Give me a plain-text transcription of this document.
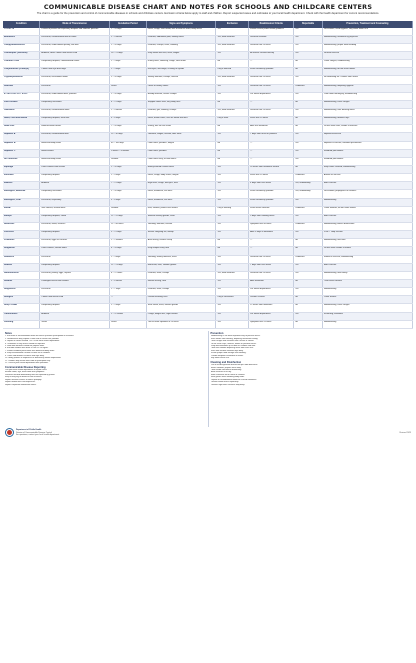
COMMUNICABLE DISEASE CHART AND NOTES FOR SCHOOLS AND CHILDCARE CENTERS
The chart is a guide for the prevention and control of communicable diseases in schools and childcare centers. Exclusion criteria below apply to staff and children. Report suspected cases and outbreaks to your local health department. Check with the health department for current recommendations.
Condition	Mode of Transmission	Incubation Period	Signs and Symptoms	Exclusion	Readmission Criteria	Reportable	Prevention, Treatment and Counseling
COVID-19	Person to person via respiratory droplets and airborne particles	2 – 14 days	Fever, cough, sore throat, loss of taste or smell, body aches	Yes	Follow current public health guidance	Yes	Vaccination, hand hygiene, stay home when sick
Amebiasis	Fecal-oral; contaminated food or water	2 – 4 weeks	Diarrhea, abdominal pain, bloody stools	Yes, while diarrhea	Diarrhea resolved	Yes	Handwashing; treatment by physician
Campylobacteriosis	Fecal-oral; undercooked poultry, raw milk	1 – 10 days	Diarrhea, cramps, fever, vomiting	Yes, while diarrhea	Diarrhea free 24 hours	Yes	Handwashing; proper food handling
Chickenpox (Varicella)	Airborne; direct contact with blister fluid	10 – 21 days	Itchy blister-like rash, fever, fatigue	Yes	All lesions crusted and dry	Yes	Varicella vaccine
Common Cold	Respiratory droplets; contaminated hands	1 – 3 days	Runny nose, sneezing, cough, sore throat	No	—	No	Cover coughs; handwashing
Conjunctivitis (Pinkeye)	Contact with eye discharge	1 – 3 days	Red eyes, discharge, crusting of eyelids	Only if directed	When cleared by provider	No	Handwashing; do not share towels
Cryptosporidiosis	Fecal-oral; recreational water	2 – 10 days	Watery diarrhea, cramps, nausea	Yes, while diarrhea	Diarrhea free 24 hours	Yes	No swimming for 2 weeks after illness
Diarrhea	Fecal-oral	Varies	Loose or watery stools	Yes	Diarrhea free 24 hours	Outbreaks	Handwashing; diapering hygiene
E. coli O157:H7 / STEC	Fecal-oral; undercooked beef, produce	1 – 10 days	Bloody diarrhea, severe cramps	Yes	Per health department	Yes	Cook meat thoroughly; handwashing
Fifth Disease	Respiratory secretions	4 – 21 days	Slapped cheek rash, lacy body rash	No	—	No	Handwashing; cover coughs
Giardiasis	Fecal-oral; contaminated water	1 – 4 weeks	Diarrhea, gas, bloating, cramps	Yes, while diarrhea	Diarrhea free 24 hours	Yes	Handwashing; safe drinking water
Hand, Foot and Mouth	Respiratory droplets; fecal-oral	3 – 6 days	Fever, mouth sores, rash on hands and feet	Only if fever	Fever free 24 hours	No	Handwashing; disinfect toys
Head Lice	Head-to-head contact	7 – 10 days	Itching, nits on hair shafts	No	After first treatment	No	Do not share hats, combs or brushes
Hepatitis A	Fecal-oral; contaminated food	15 – 50 days	Jaundice, fatigue, nausea, dark urine	Yes	7 days after onset of jaundice	Yes	Hepatitis A vaccine
Hepatitis B	Blood and body fluids	45 – 160 days	Often none; jaundice, fatigue	No	—	Yes	Hepatitis B vaccine; standard precautions
Hepatitis C	Blood contact	2 weeks – 6 months	Often none; jaundice	No	—	Yes	Standard precautions
HIV Infection	Blood and body fluids	Variable	Often none early; flu-like illness	No	—	Yes	Standard precautions
Impetigo	Direct contact with lesions	1 – 10 days	Honey-colored crusted sores	Yes	24 hours after treatment started	No	Keep sores covered; handwashing
Influenza	Respiratory droplets	1 – 4 days	Fever, cough, body aches, fatigue	Yes	Fever free 24 hours	Outbreaks	Annual flu vaccine
Measles	Airborne	7 – 21 days	High fever, cough, red eyes, rash	Yes	4 days after rash onset	Yes, immediately	MMR vaccine
Meningitis, Bacterial	Respiratory secretions	2 – 10 days	Fever, headache, stiff neck	Yes	When cleared by provider	Yes, immediately	Vaccination; prophylaxis of contacts
Meningitis, Viral	Fecal-oral; respiratory	3 – 6 days	Fever, headache, stiff neck	Yes	When cleared by provider	Yes	Handwashing
MRSA	Skin contact; shared items	Variable	Red, swollen, painful skin lesions	Only if draining	When lesion covered	Outbreaks	Cover wounds; do not share towels
Mumps	Respiratory droplets; saliva	12 – 25 days	Swollen salivary glands, fever	Yes	5 days after swelling onset	Yes	MMR vaccine
Norovirus	Fecal-oral; vomit; surfaces	12 – 48 hours	Vomiting, diarrhea, nausea	Yes	Symptom free 48 hours	Outbreaks	Handwashing; bleach disinfection
Pertussis	Respiratory droplets	5 – 21 days	Severe coughing fits, whoop	Yes	After 5 days of antibiotics	Yes	DTaP / Tdap vaccine
Pinworms	Fecal-oral; eggs on surfaces	1 – 2 months	Anal itching, restless sleep	No	—	No	Handwashing; trim nails
Ringworm	Direct contact; shared items	4 – 14 days	Ring-shaped scaly rash	No	—	No	Do not share combs or towels
Rotavirus	Fecal-oral	1 – 3 days	Vomiting, watery diarrhea, fever	Yes	Diarrhea free 24 hours	Outbreaks	Rotavirus vaccine; handwashing
Rubella	Respiratory droplets	12 – 23 days	Mild fever, rash, swollen glands	Yes	7 days after rash onset	Yes	MMR vaccine
Salmonellosis	Fecal-oral; poultry, eggs, reptiles	6 – 72 hours	Diarrhea, fever, cramps	Yes, while diarrhea	Diarrhea free 24 hours	Yes	Handwashing; food safety
Scabies	Prolonged skin-to-skin contact	2 – 6 weeks	Intense itching, rash	Yes	After treatment	No	Treat close contacts
Shigellosis	Fecal-oral	1 – 7 days	Diarrhea, fever, cramps	Yes	Per health department	Yes	Handwashing
Shingles	Contact with blister fluid	—	Painful blistering rash	Only if uncovered	Lesions crusted	No	Cover lesions
Strep Throat	Respiratory droplets	2 – 5 days	Sore throat, fever, swollen glands	Yes	12 hours after antibiotics	No	Handwashing; cover coughs
Tuberculosis	Airborne	2 – 12 weeks	Cough, weight loss, night sweats	Yes	Per health department	Yes	Screening; treatment
Vomiting	Varies	Varies	Two or more episodes in 24 hours	Yes	Symptom free 24 hours	No	Handwashing
Notes
1. Exclusion is recommended when the illness prevents participation in activities.
2. Readmission may require a note from a health care provider.
3. Report all cases marked "Yes" to the local health department.
4. Outbreaks of any illness should be reported.
5. Staff with diarrhea should not prepare food.
6. Exclude children with fever of 100.4°F or higher.
7. Follow standard precautions with blood and body fluids.
8. Keep immunization records current for all children.
9. Clean and disinfect surfaces and toys daily.
10. Notify parents of exposures as directed by health department.
11. Children may return when able to participate fully.
12. Consult your health department with questions.
Communicable Disease Reporting
Call your local health department to report cases.
Include name, age, onset date and symptoms.
Diseases marked immediately must be reported by phone.
Keep a daily log of absences due to illness.
Report unusual clusters of illness promptly.
Report animal bites and exposures.
Report suspected food-borne illness.
Prevention
Handwashing is the most important way to prevent illness.
Wash hands after toileting, diapering and before eating.
Cover coughs and sneezes with a tissue or sleeve.
Do not share cups, utensils, towels or personal items.
Keep immunizations up to date for children and staff.
Clean and sanitize diapering areas after each use.
Wash and sanitize mouthed toys daily.
Ensure proper food storage and handling.
Provide adequate ventilation in rooms.
Stay home when sick.
Cleaning and Disinfection
Use an EPA-registered disinfectant per label directions.
Bleach solution: prepare fresh daily.
Clean visible soil before disinfecting.
Allow surfaces to air dry.
Store chemicals out of reach of children.
Wear gloves when handling body fluids.
Dispose of contaminated materials in lined containers.
Launder soiled linens separately.
Disinfect high-touch surfaces frequently.
Department of Public Health
Division of Communicable Disease Control
For questions, contact your local health department.
Revised 2023
